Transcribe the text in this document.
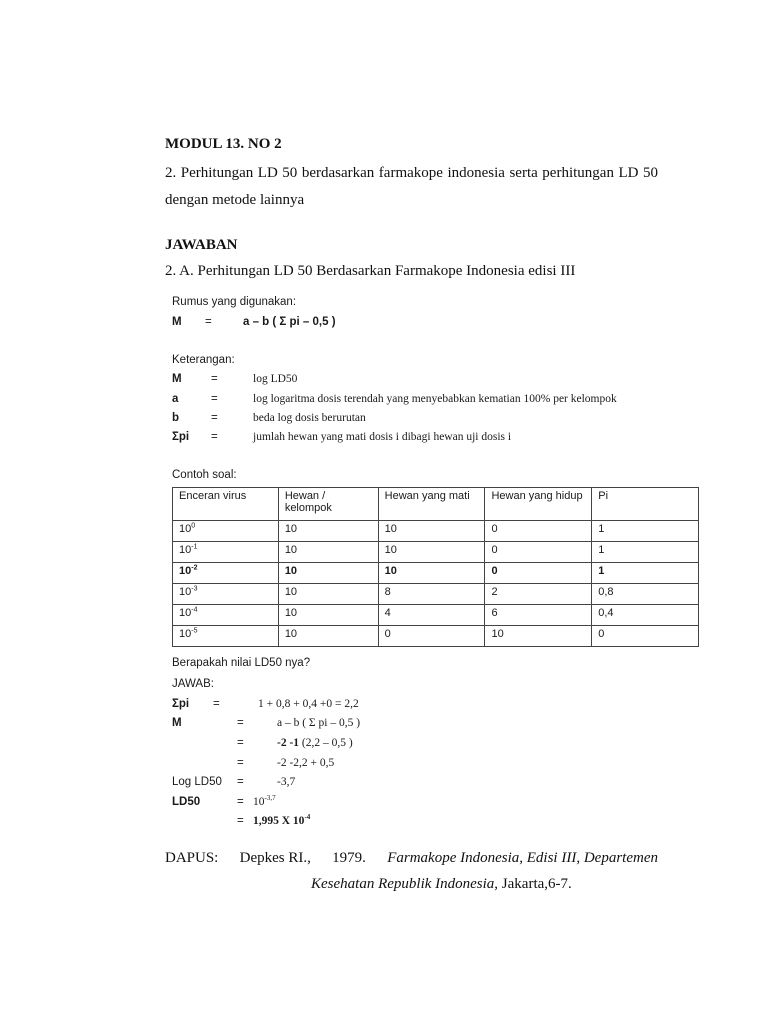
MODUL 13. NO 2
2. Perhitungan LD 50 berdasarkan farmakope indonesia serta perhitungan LD 50 dengan metode lainnya
JAWABAN
2. A. Perhitungan LD 50 Berdasarkan Farmakope Indonesia edisi III
Rumus yang digunakan:
M =	a – b ( Σ pi – 0,5 )
Keterangan:
M	=	log LD50
a	=	log logaritma dosis terendah yang menyebabkan kematian 100% per kelompok
b	=	beda log dosis berurutan
Σpi =	jumlah hewan yang mati dosis i dibagi hewan uji dosis i
Contoh soal:
Enceran virus	Hewan / kelompok	Hewan yang mati	Hewan yang hidup	Pi
$10^0$	10	10	0	1
$10^{-1}$	10	10	0	1
$10^{-2}$	10	10	0	1
$10^{-3}$	10	8	2	0,8
$10^{-4}$	10	4	6	0,4
$10^{-5}$	10	0	10	0
Berapakah nilai LD50 nya?
JAWAB:
Σpi =	1 + 0,8 + 0,4 +0 = 2,2
M	=	a – b ( Σ pi – 0,5 )
=	-2 -1 (2,2 – 0,5 )
=	-2 -2,2 + 0,5
Log LD50 =	-3,7
LD50	= $10^{-3,7}$
= 1,995 X $10^{-4}$
DAPUS: Depkes RI., 1979. Farmakope Indonesia, Edisi III, Departemen
Kesehatan Republik Indonesia, Jakarta,6-7.
